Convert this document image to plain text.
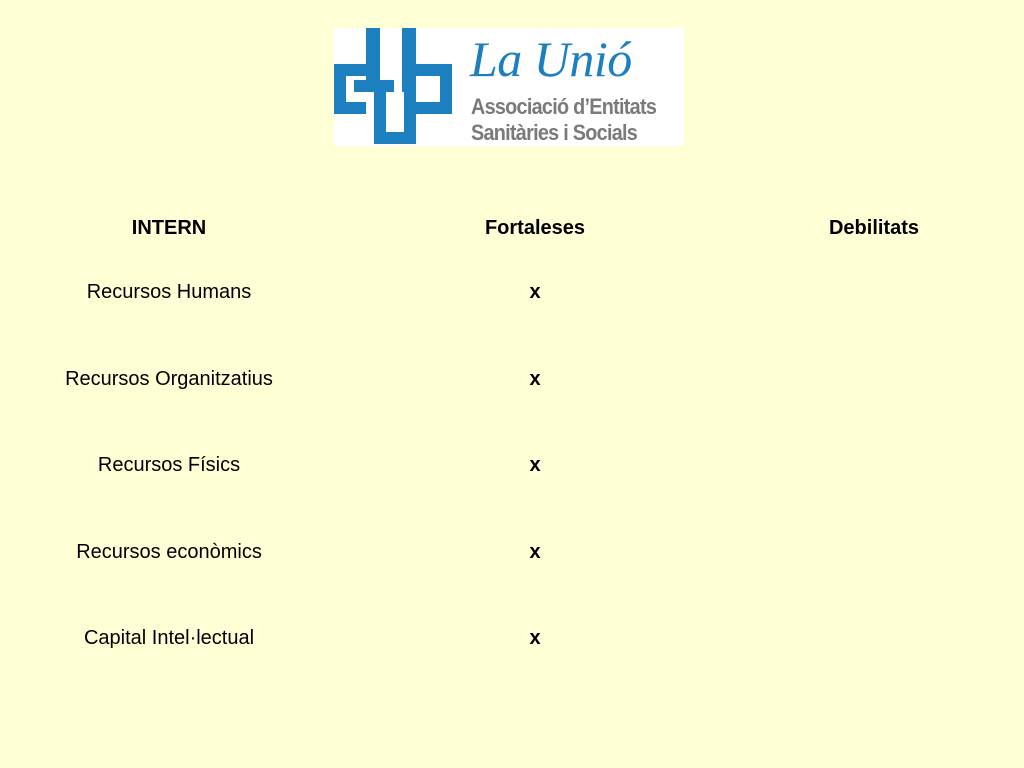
La Unió
Associació d’Entitats
Sanitàries i Socials
INTERN	Fortaleses	Debilitats
Recursos Humans	x
Recursos Organitzatius	x
Recursos Físics	x
Recursos econòmics	x
Capital Intel·lectual	x
